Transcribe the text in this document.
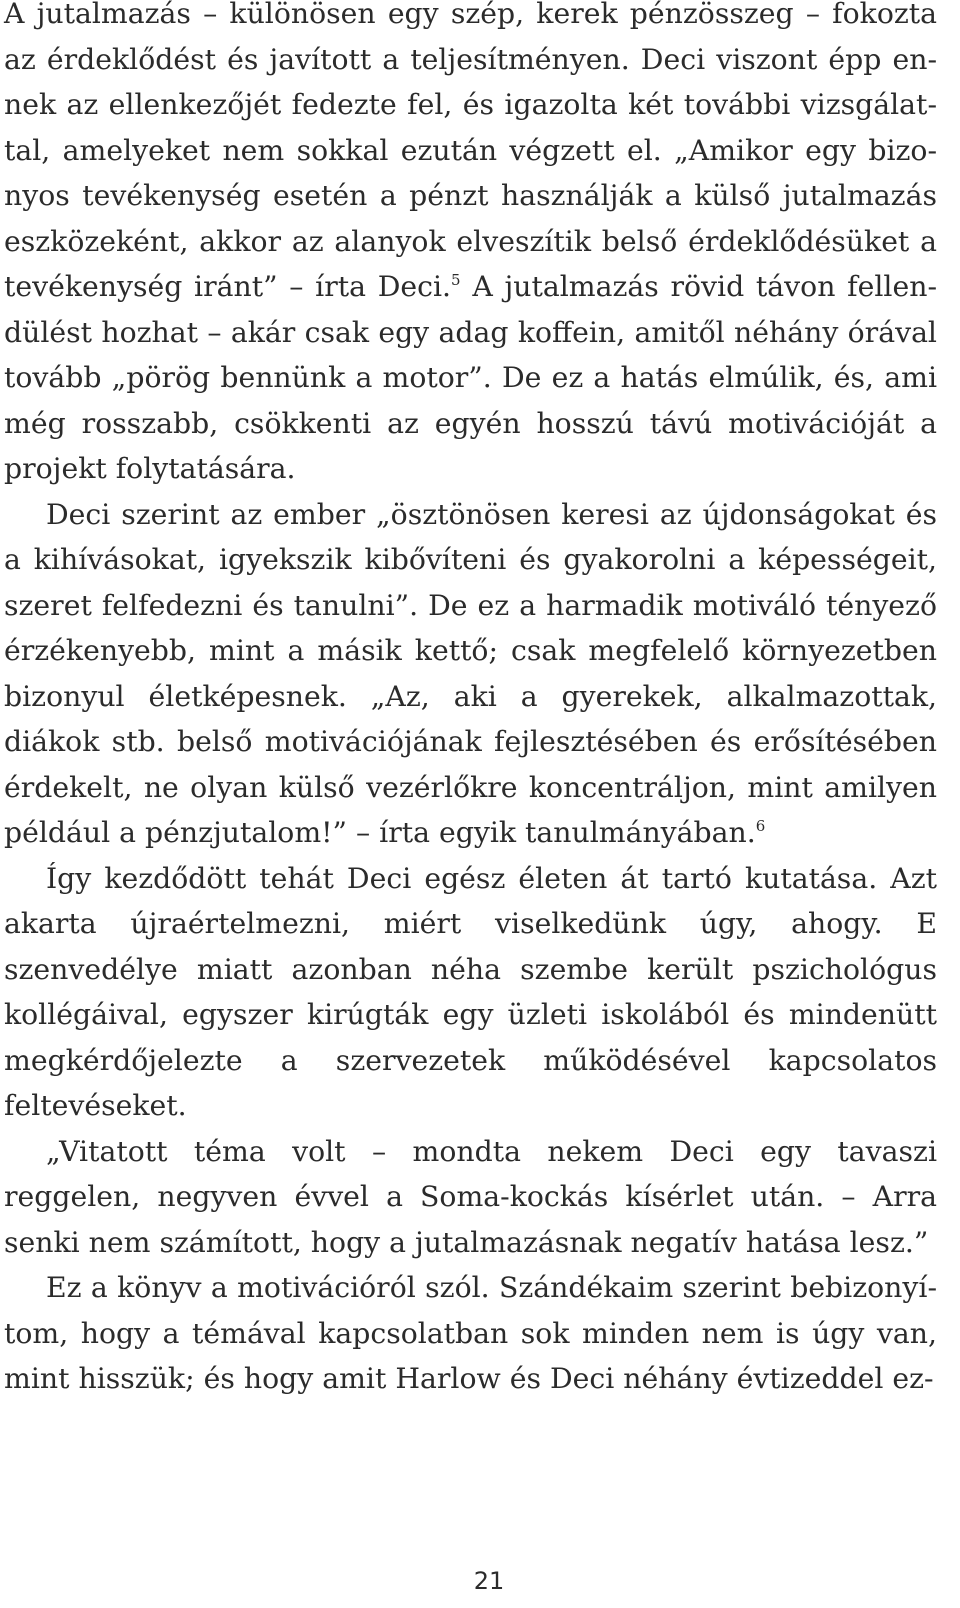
A jutalmazás – különösen egy szép, kerek pénzösszeg – fokozta az érdeklődést és javított a teljesítményen. Deci viszont épp ennek az ellenkezőjét fedezte fel, és igazolta két további vizsgálattal, amelyeket nem sokkal ezután végzett el. „Amikor egy bizonyos tevékenység esetén a pénzt használják a külső jutalmazás eszközeként, akkor az alanyok elveszítik belső érdeklődésüket a tevékenység iránt” – írta Deci.$^5$ A jutalmazás rövid távon fellendülést hozhat – akár csak egy adag koffein, amitől néhány órával tovább „pörög bennünk a motor”. De ez a hatás elmúlik, és, ami még rosszabb, csökkenti az egyén hosszú távú motivációját a projekt folytatására.

Deci szerint az ember „ösztönösen keresi az újdonságokat és a kihívásokat, igyekszik kibővíteni és gyakorolni a képességeit, szeret felfedezni és tanulni”. De ez a harmadik motiváló tényező érzékenyebb, mint a másik kettő; csak megfelelő környezetben bizonyul életképesnek. „Az, aki a gyerekek, alkalmazottak, diákok stb. belső motivációjának fejlesztésében és erősítésében érdekelt, ne olyan külső vezérlőkre koncentráljon, mint amilyen például a pénzjutalom!” – írta egyik tanulmányában.$^6$

Így kezdődött tehát Deci egész életen át tartó kutatása. Azt akarta újraértelmezni, miért viselkedünk úgy, ahogy. E szenvedélye miatt azonban néha szembe került pszichológus kollégáival, egyszer kirúgták egy üzleti iskolából és mindenütt megkérdőjelezte a szervezetek működésével kapcsolatos feltevéseket.

„Vitatott téma volt – mondta nekem Deci egy tavaszi reggelen, negyven évvel a Soma-kockás kísérlet után. – Arra senki nem számított, hogy a jutalmazásnak negatív hatása lesz.”

Ez a könyv a motivációról szól. Szándékaim szerint bebizonyítom, hogy a témával kapcsolatban sok minden nem is úgy van, mint hisszük; és hogy amit Harlow és Deci néhány évtizeddel ez-

21
